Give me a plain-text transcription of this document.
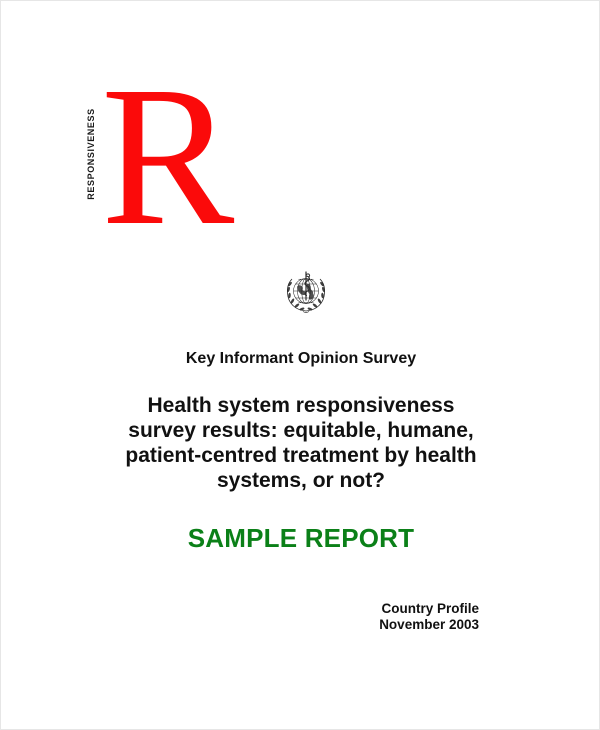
R
RESPONSIVENESS

Key Informant Opinion Survey

Health system responsiveness
survey results: equitable, humane,
patient-centred treatment by health
systems, or not?

SAMPLE REPORT

Country Profile
November 2003
